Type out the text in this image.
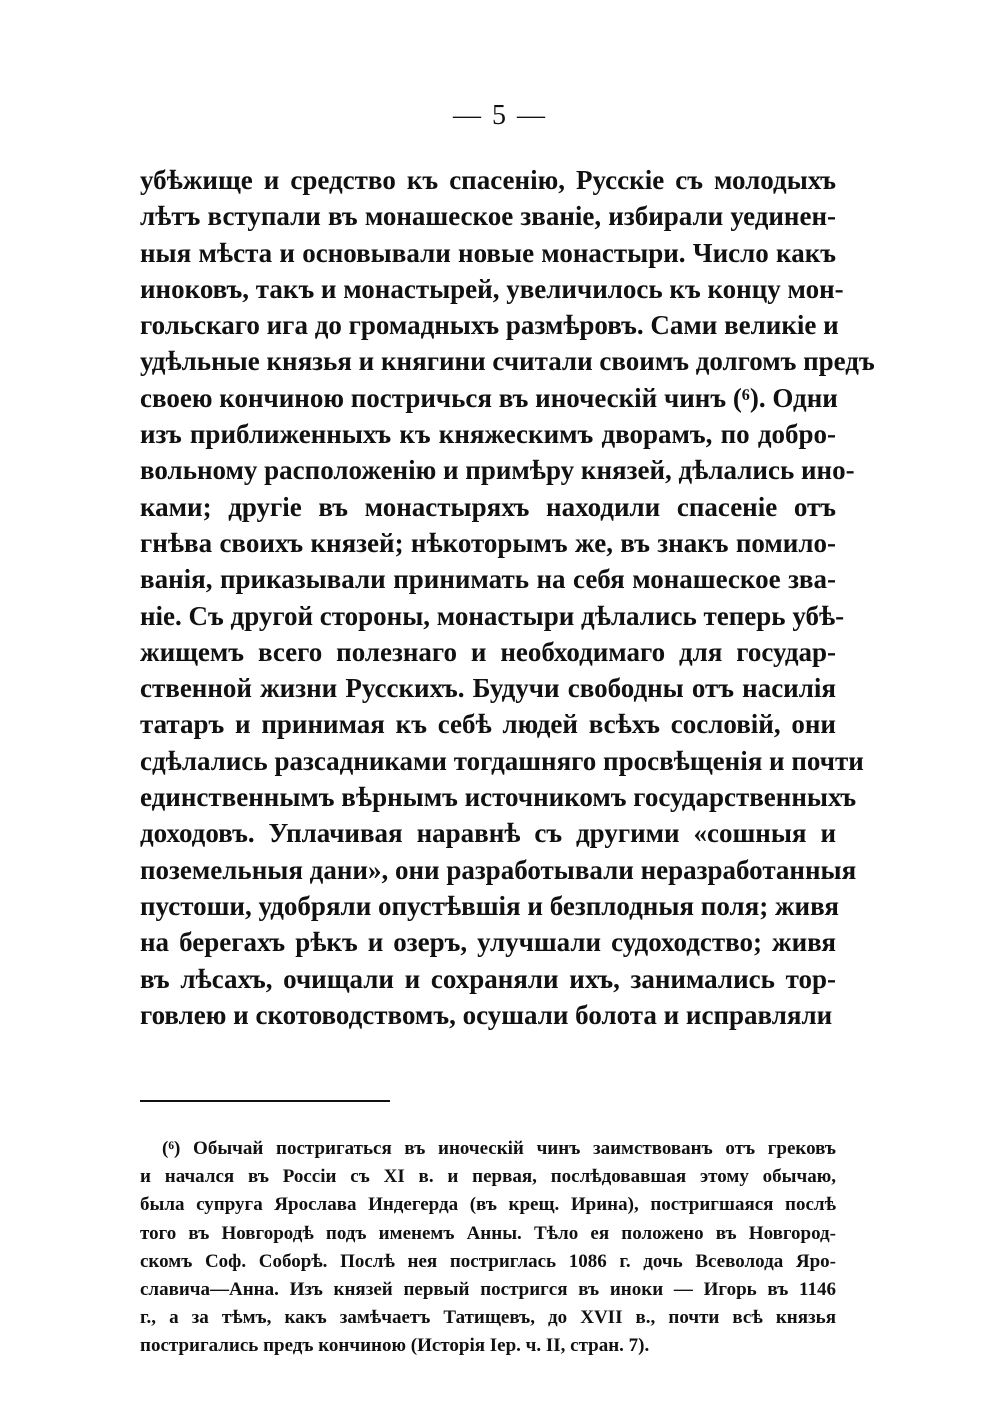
— 5 —
убѣжище и средство къ спасенію, Русскіе съ молодыхъ
лѣтъ вступали въ монашеское званіе, избирали уединен-
ныя мѣста и основывали новые монастыри. Число какъ
иноковъ, такъ и монастырей, увеличилось къ концу мон-
гольскаго ига до громадныхъ размѣровъ. Сами великіе и
удѣльные князья и княгини считали своимъ долгомъ предъ
своею кончиною постричься въ иноческій чинъ (⁶). Одни
изъ приближенныхъ къ княжескимъ дворамъ, по добро-
вольному расположенію и примѣру князей, дѣлались ино-
ками; другіе въ монастыряхъ находили спасеніе отъ
гнѣва своихъ князей; нѣкоторымъ же, въ знакъ помило-
ванія, приказывали принимать на себя монашеское зва-
ніе. Съ другой стороны, монастыри дѣлались теперь убѣ-
жищемъ всего полезнаго и необходимаго для государ-
ственной жизни Русскихъ. Будучи свободны отъ насилія
татаръ и принимая къ себѣ людей всѣхъ сословій, они
сдѣлались разсадниками тогдашняго просвѣщенія и почти
единственнымъ вѣрнымъ источникомъ государственныхъ
доходовъ. Уплачивая наравнѣ съ другими «сошныя и
поземельныя дани», они разработывали неразработанныя
пустоши, удобряли опустѣвшія и безплодныя поля; живя
на берегахъ рѣкъ и озеръ, улучшали судоходство; живя
въ лѣсахъ, очищали и сохраняли ихъ, занимались тор-
говлею и скотоводствомъ, осушали болота и исправляли
(⁶) Обычай постригаться въ иноческій чинъ заимствованъ отъ грековъ
и начался въ Россіи съ XI в. и первая, послѣдовавшая этому обычаю,
была супруга Ярослава Индегерда (въ крещ. Ирина), постригшаяся послѣ
того въ Новгородѣ подъ именемъ Анны. Тѣло ея положено въ Новгород-
скомъ Соф. Соборѣ. Послѣ нея постриглась 1086 г. дочь Всеволода Яро-
славича—Анна. Изъ князей первый постригся въ иноки — Игорь въ 1146
г., а за тѣмъ, какъ замѣчаетъ Татищевъ, до XVII в., почти всѣ князья
постригались предъ кончиною (Исторія Іер. ч. II, стран. 7).
